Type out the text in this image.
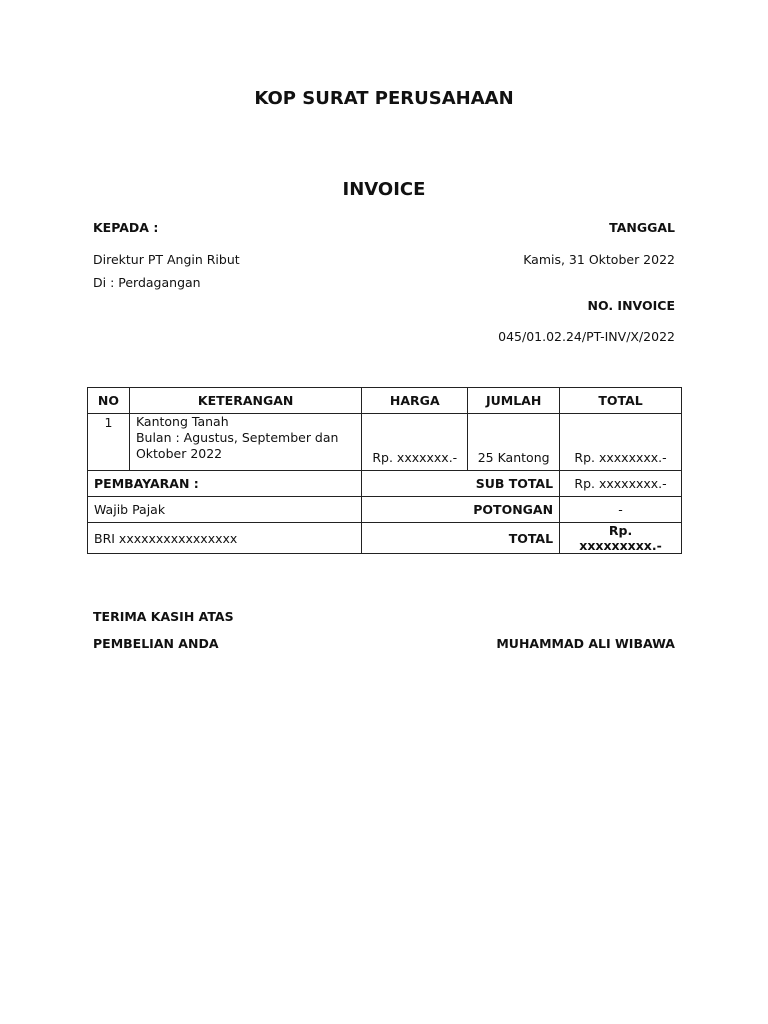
KOP SURAT PERUSAHAAN
INVOICE
KEPADA :	TANGGAL
Direktur PT Angin Ribut	Kamis, 31 Oktober 2022
Di : Perdagangan
NO. INVOICE
045/01.02.24/PT-INV/X/2022
NO	KETERANGAN	HARGA	JUMLAH	TOTAL
1	Kantong Tanah
Bulan : Agustus, September dan
Oktober 2022	Rp. xxxxxxx.-	25 Kantong	Rp. xxxxxxxx.-
PEMBAYARAN :		SUB TOTAL		Rp. xxxxxxxx.-
Wajib Pajak		POTONGAN		-
BRI xxxxxxxxxxxxxxxx		TOTAL		Rp. xxxxxxxxx.-
TERIMA KASIH ATAS
PEMBELIAN ANDA	MUHAMMAD ALI WIBAWA
